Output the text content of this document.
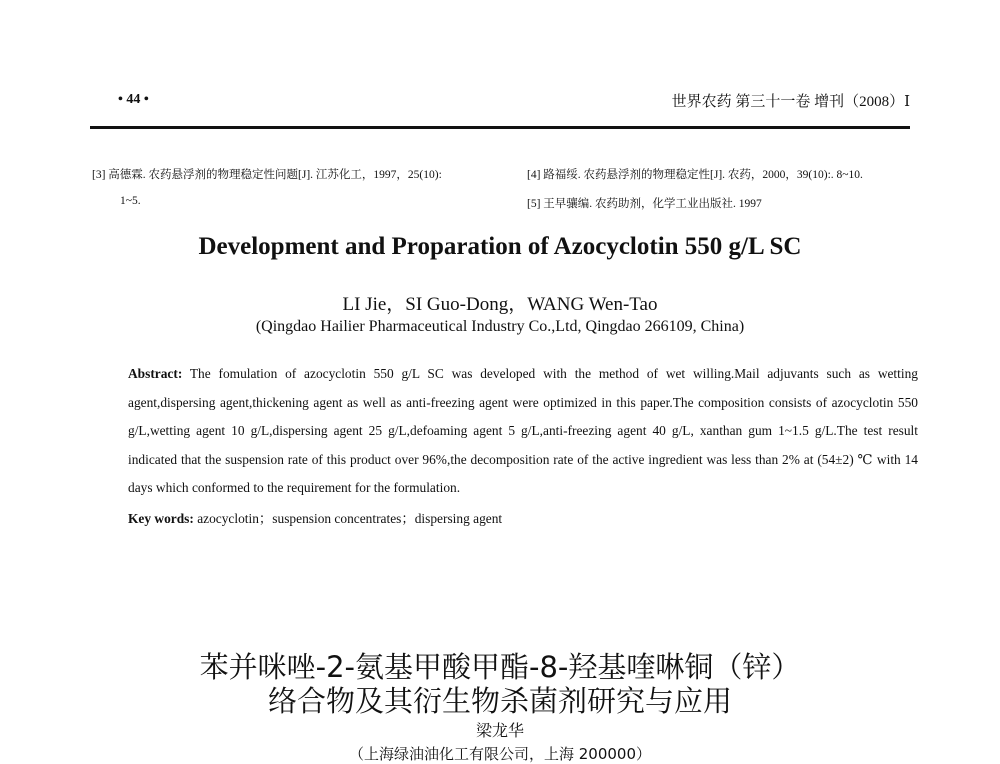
• 44 •	世界农药 第三十一卷 增刊（2008）Ⅰ
[3] 高德霖. 农药悬浮剂的物理稳定性问题[J]. 江苏化工，1997，25(10):
1~5.
[4] 路福绥. 农药悬浮剂的物理稳定性[J]. 农药，2000，39(10):. 8~10.
[5] 王早骧编. 农药助剂，化学工业出版社. 1997
Development and Proparation of Azocyclotin 550 g/L SC
LI Jie，SI Guo-Dong，WANG Wen-Tao
(Qingdao Hailier Pharmaceutical Industry Co.,Ltd, Qingdao 266109, China)
Abstract: The fomulation of azocyclotin 550 g/L SC was developed with the method of wet willing.Mail adjuvants such as wetting agent,dispersing agent,thickening agent as well as anti-freezing agent were optimized in this paper.The composition consists of azocyclotin 550 g/L,wetting agent 10 g/L,dispersing agent 25 g/L,defoaming agent 5 g/L,anti-freezing agent 40 g/L, xanthan gum 1~1.5 g/L.The test result indicated that the suspension rate of this product over 96%,the decomposition rate of the active ingredient was less than 2% at (54±2) ℃ with 14 days which conformed to the requirement for the formulation.
Key words: azocyclotin；suspension concentrates；dispersing agent
苯并咪唑-2-氨基甲酸甲酯-8-羟基喹啉铜（锌）
络合物及其衍生物杀菌剂研究与应用
梁龙华
（上海绿油油化工有限公司，上海 200000）
